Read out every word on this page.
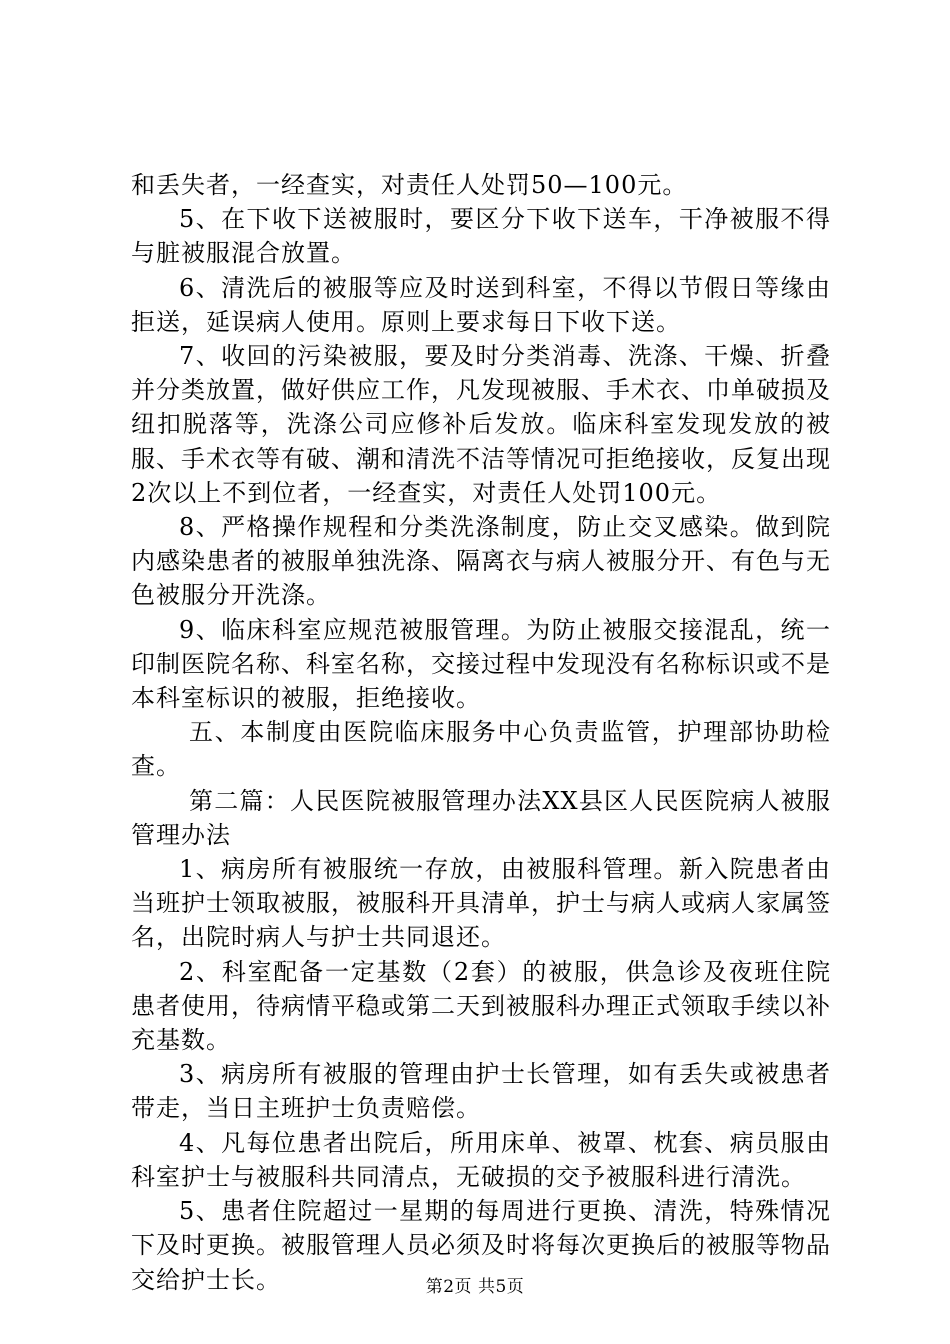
和丢失者，一经查实，对责任人处罚50—100元。

5、在下收下送被服时，要区分下收下送车，干净被服不得与脏被服混合放置。

6、清洗后的被服等应及时送到科室，不得以节假日等缘由拒送，延误病人使用。原则上要求每日下收下送。

7、收回的污染被服，要及时分类消毒、洗涤、干燥、折叠并分类放置，做好供应工作，凡发现被服、手术衣、巾单破损及纽扣脱落等，洗涤公司应修补后发放。临床科室发现发放的被服、手术衣等有破、潮和清洗不洁等情况可拒绝接收，反复出现2次以上不到位者，一经查实，对责任人处罚100元。

8、严格操作规程和分类洗涤制度，防止交叉感染。做到院内感染患者的被服单独洗涤、隔离衣与病人被服分开、有色与无色被服分开洗涤。

9、临床科室应规范被服管理。为防止被服交接混乱，统一印制医院名称、科室名称，交接过程中发现没有名称标识或不是本科室标识的被服，拒绝接收。

五、本制度由医院临床服务中心负责监管，护理部协助检查。

第二篇：人民医院被服管理办法XX县区人民医院病人被服管理办法

1、病房所有被服统一存放，由被服科管理。新入院患者由当班护士领取被服，被服科开具清单，护士与病人或病人家属签名，出院时病人与护士共同退还。

2、科室配备一定基数（2套）的被服，供急诊及夜班住院患者使用，待病情平稳或第二天到被服科办理正式领取手续以补充基数。

3、病房所有被服的管理由护士长管理，如有丢失或被患者带走，当日主班护士负责赔偿。

4、凡每位患者出院后，所用床单、被罩、枕套、病员服由科室护士与被服科共同清点，无破损的交予被服科进行清洗。

5、患者住院超过一星期的每周进行更换、清洗，特殊情况下及时更换。被服管理人员必须及时将每次更换后的被服等物品交给护士长。	第2页 共5页
